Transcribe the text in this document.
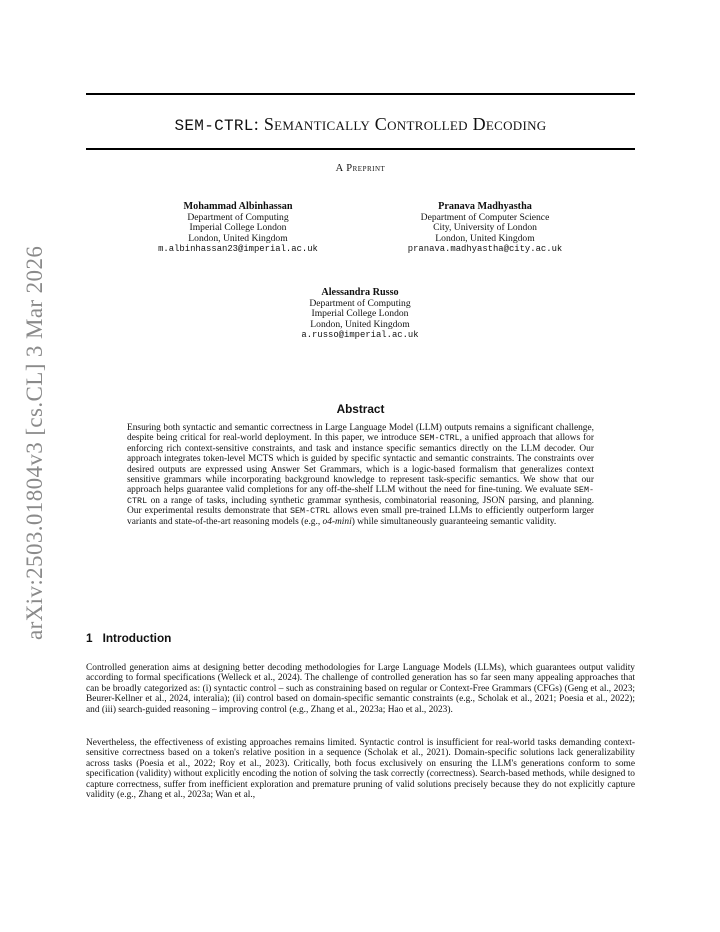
arXiv:2503.01804v3 [cs.CL] 3 Mar 2026
SEM-CTRL: Semantically Controlled Decoding
A Preprint
Mohammad Albinhassan
Department of Computing
Imperial College London
London, United Kingdom
m.albinhassan23@imperial.ac.uk
Pranava Madhyastha
Department of Computer Science
City, University of London
London, United Kingdom
pranava.madhyastha@city.ac.uk
Alessandra Russo
Department of Computing
Imperial College London
London, United Kingdom
a.russo@imperial.ac.uk
Abstract
Ensuring both syntactic and semantic correctness in Large Language Model (LLM) outputs remains a significant challenge, despite being critical for real-world deployment. In this paper, we introduce SEM-CTRL, a unified approach that allows for enforcing rich context-sensitive constraints, and task and instance specific semantics directly on the LLM decoder. Our approach integrates token-level MCTS which is guided by specific syntactic and semantic constraints. The constraints over desired outputs are expressed using Answer Set Grammars, which is a logic-based formalism that generalizes context sensitive grammars while incorporating background knowledge to represent task-specific semantics. We show that our approach helps guarantee valid completions for any off-the-shelf LLM without the need for fine-tuning. We evaluate SEM-CTRL on a range of tasks, including synthetic grammar synthesis, combinatorial reasoning, JSON parsing, and planning. Our experimental results demonstrate that SEM-CTRL allows even small pre-trained LLMs to efficiently outperform larger variants and state-of-the-art reasoning models (e.g., o4-mini) while simultaneously guaranteeing semantic validity.
1 Introduction

Controlled generation aims at designing better decoding methodologies for Large Language Models (LLMs), which guarantees output validity according to formal specifications (Welleck et al., 2024). The challenge of controlled generation has so far seen many appealing approaches that can be broadly categorized as: (i) syntactic control – such as constraining based on regular or Context-Free Grammars (CFGs) (Geng et al., 2023; Beurer-Kellner et al., 2024, interalia); (ii) control based on domain-specific semantic constraints (e.g., Scholak et al., 2021; Poesia et al., 2022); and (iii) search-guided reasoning – improving control (e.g., Zhang et al., 2023a; Hao et al., 2023).

Nevertheless, the effectiveness of existing approaches remains limited. Syntactic control is insufficient for real-world tasks demanding context-sensitive correctness based on a token's relative position in a sequence (Scholak et al., 2021). Domain-specific solutions lack generalizability across tasks (Poesia et al., 2022; Roy et al., 2023). Critically, both focus exclusively on ensuring the LLM's generations conform to some specification (validity) without explicitly encoding the notion of solving the task correctly (correctness). Search-based methods, while designed to capture correctness, suffer from inefficient exploration and premature pruning of valid solutions precisely because they do not explicitly capture validity (e.g., Zhang et al., 2023a; Wan et al.,
